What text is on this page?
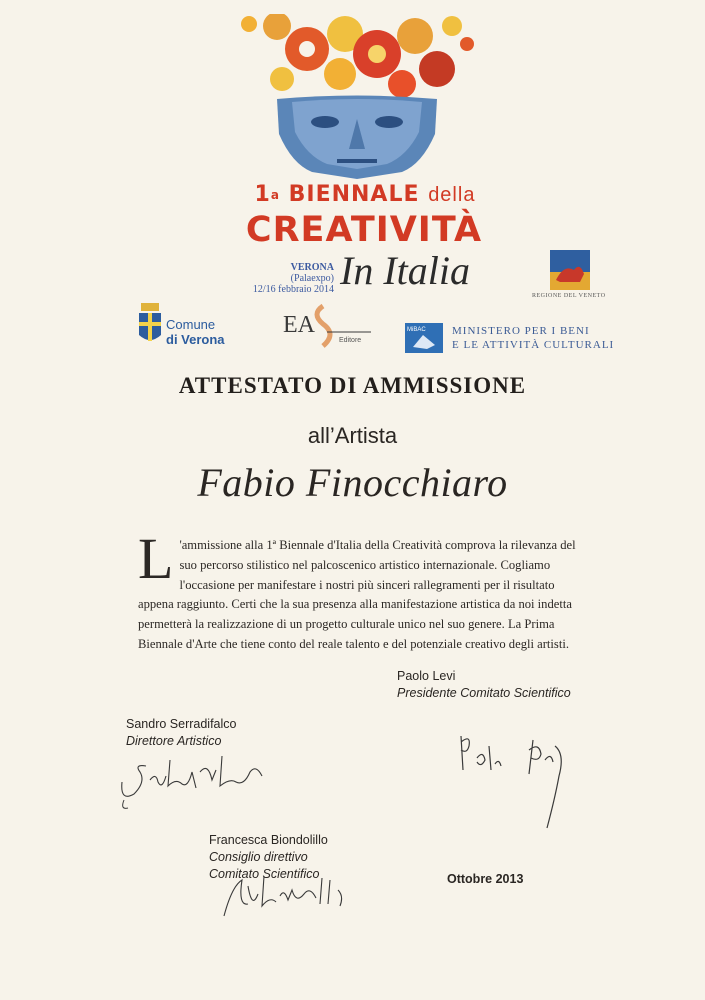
1$^a$ BIENNALE della
CREATIVITÀ
VERONA (Palaexpo)
12/16 febbraio 2014 In Italia
REGIONE DEL VENETO
Comune
di Verona
EA
Editore
MiBAC MINISTERO PER I BENI
E LE ATTIVITÀ CULTURALI
ATTESTATO DI AMMISSIONE
all’Artista
Fabio Finocchiaro
L 'ammissione alla 1ª Biennale d'Italia della Creatività comprova la rilevanza del suo percorso stilistico nel palcoscenico artistico internazionale. Cogliamo l'occasione per manifestare i nostri più sinceri rallegramenti per il risultato appena raggiunto. Certi che la sua presenza alla manifestazione artistica da noi indetta permetterà la realizzazione di un progetto culturale unico nel suo genere. La Prima Biennale d'Arte che tiene conto del reale talento e del potenziale creativo degli artisti.
Paolo Levi
Presidente Comitato Scientifico
Sandro Serradifalco
Direttore Artistico
Francesca Biondolillo
Consiglio direttivo
Comitato Scientifico	Ottobre 2013
